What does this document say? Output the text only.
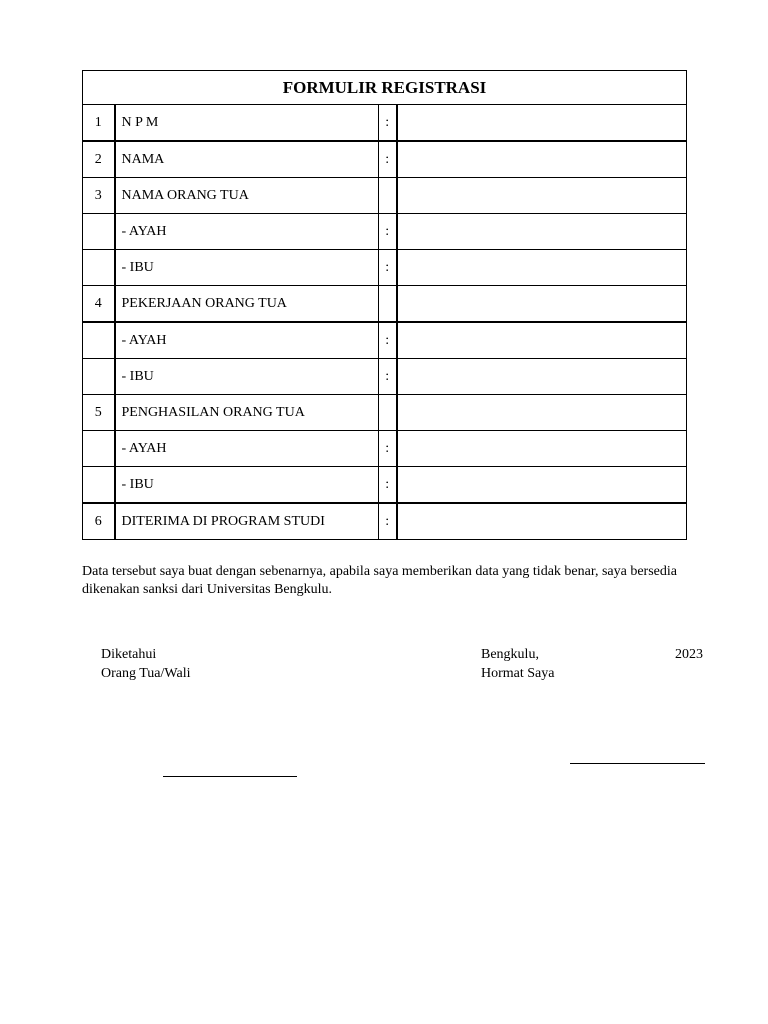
FORMULIR REGISTRASI			
1	N P M	:	
2	NAMA	:	
3	NAMA ORANG TUA		
	- AYAH	:	
	- IBU	:	
4	PEKERJAAN ORANG TUA		
	- AYAH	:	
	- IBU	:	
5	PENGHASILAN ORANG TUA		
	- AYAH	:	
	- IBU	:	
6	DITERIMA DI PROGRAM STUDI	:	
Data tersebut saya buat dengan sebenarnya, apabila saya memberikan data yang tidak benar, saya bersedia dikenakan sanksi dari Universitas Bengkulu.
Diketahui
Orang Tua/Wali
Bengkulu,	2023
Hormat Saya
